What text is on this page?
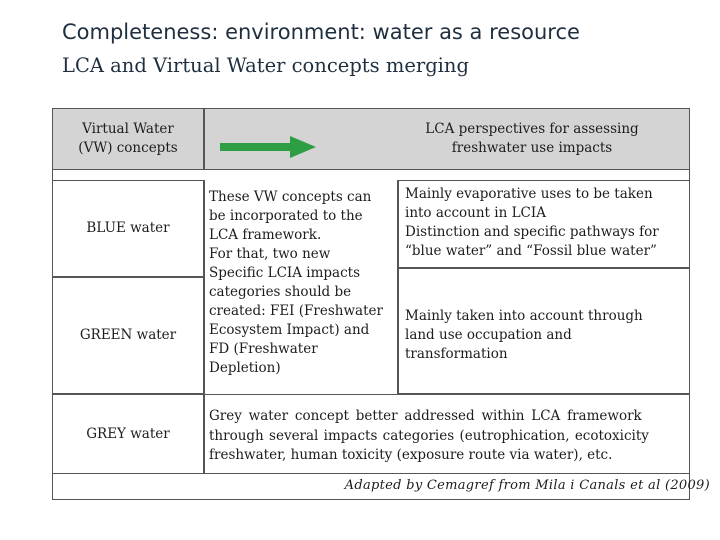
Completeness: environment: water as a resource
LCA and Virtual Water concepts merging
Virtual Water
(VW) concepts
LCA perspectives for assessing
freshwater use impacts
BLUE water
GREEN water
GREY water
These VW concepts can
be incorporated to the
LCA framework.
For that, two new
Specific LCIA impacts
categories should be
created: FEI (Freshwater
Ecosystem Impact) and
FD (Freshwater
Depletion)
Mainly evaporative uses to be taken
into account in LCIA
Distinction and specific pathways for
“blue water” and “Fossil blue water”
Mainly taken into account through
land use occupation and
transformation
Grey water concept better addressed within LCA framework
through several impacts categories (eutrophication, ecotoxicity
freshwater, human toxicity (exposure route via water), etc.
Adapted by Cemagref from Mila i Canals et al (2009)
